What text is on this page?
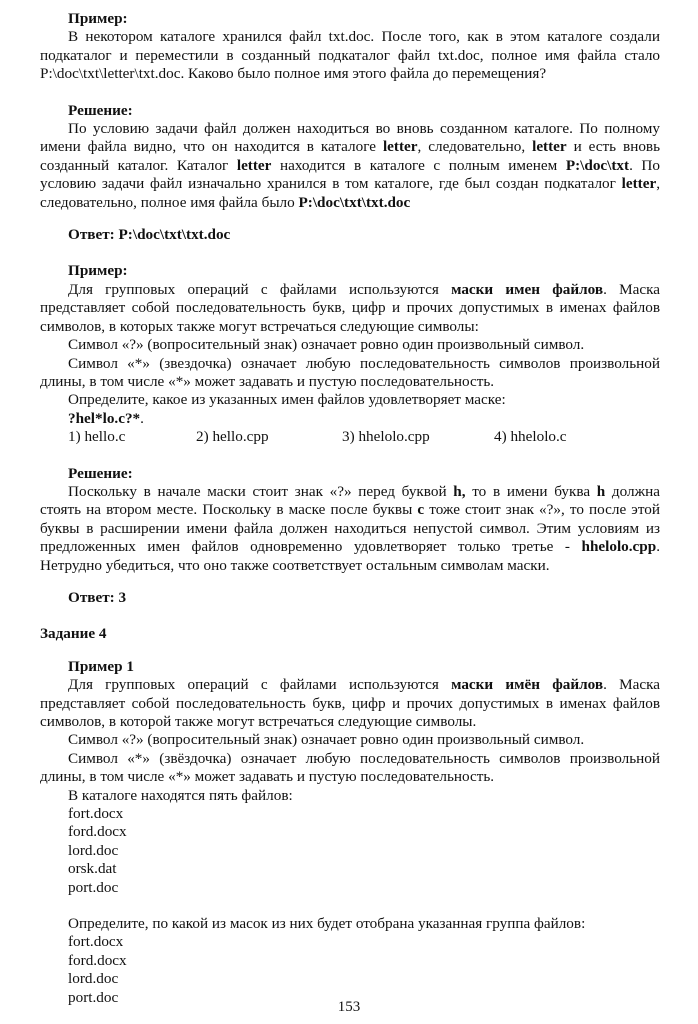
Пример:

В некотором каталоге хранился файл txt.doc. После того, как в этом каталоге создали подкаталог и переместили в созданный подкаталог файл txt.doc, полное имя файла стало P:\doc\txt\letter\txt.doc. Каково было полное имя этого файла до перемещения?

Решение:

По условию задачи файл должен находиться во вновь созданном каталоге. По полному имени файла видно, что он находится в каталоге letter, следовательно, letter и есть вновь созданный каталог. Каталог letter находится в каталоге с полным именем P:\doc\txt. По условию задачи файл изначально хранился в том каталоге, где был создан подкаталог letter, следовательно, полное имя файла было P:\doc\txt\txt.doc

Ответ: P:\doc\txt\txt.doc

Пример:

Для групповых операций с файлами используются маски имен файлов. Маска представляет собой последовательность букв, цифр и прочих допустимых в именах файлов символов, в которых также могут встречаться следующие символы:

Символ «?» (вопросительный знак) означает ровно один произвольный символ.

Символ «*» (звездочка) означает любую последовательность символов произвольной длины, в том числе «*» может задавать и пустую последовательность.

Определите, какое из указанных имен файлов удовлетворяет маске:

?hel*lo.c?*.

1) hello.c	2) hello.cpp	3) hhelolo.cpp	4) hhelolo.c

Решение:

Поскольку в начале маски стоит знак «?» перед буквой h, то в имени буква h должна стоять на втором месте. Поскольку в маске после буквы c тоже стоит знак «?», то после этой буквы в расширении имени файла должен находиться непустой символ. Этим условиям из предложенных имен файлов одновременно удовлетворяет только третье - hhelolo.cpp. Нетрудно убедиться, что оно также соответствует остальным символам маски.

Ответ: 3

Задание 4

Пример 1

Для групповых операций с файлами используются маски имён файлов. Маска представляет собой последовательность букв, цифр и прочих допустимых в именах файлов символов, в которой также могут встречаться следующие символы.

Символ «?» (вопросительный знак) означает ровно один произвольный символ.

Символ «*» (звёздочка) означает любую последовательность символов произвольной длины, в том числе «*» может задавать и пустую последовательность.

В каталоге находятся пять файлов:

fort.docx

ford.docx

lord.doc

orsk.dat

port.doc

Определите, по какой из масок из них будет отобрана указанная группа файлов:

fort.docx

ford.docx

lord.doc

port.doc

153
